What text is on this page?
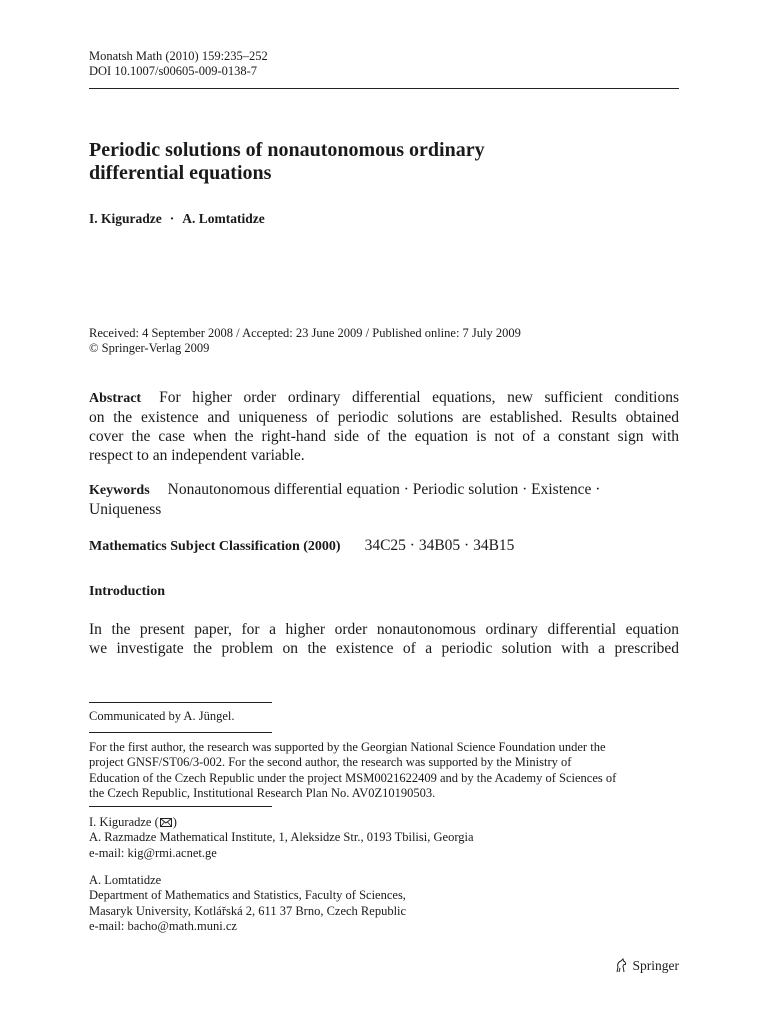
Monatsh Math (2010) 159:235–252
DOI 10.1007/s00605-009-0138-7
Periodic solutions of nonautonomous ordinary
differential equations
I. Kiguradze · A. Lomtatidze
Received: 4 September 2008 / Accepted: 23 June 2009 / Published online: 7 July 2009
© Springer-Verlag 2009
Abstract For higher order ordinary differential equations, new sufficient conditions
on the existence and uniqueness of periodic solutions are established. Results obtained
cover the case when the right-hand side of the equation is not of a constant sign with
respect to an independent variable.
Keywords Nonautonomous differential equation · Periodic solution · Existence ·
Uniqueness
Mathematics Subject Classification (2000) 34C25 · 34B05 · 34B15
Introduction
In the present paper, for a higher order nonautonomous ordinary differential equation
we investigate the problem on the existence of a periodic solution with a prescribed
Communicated by A. Jüngel.
For the first author, the research was supported by the Georgian National Science Foundation under the
project GNSF/ST06/3-002. For the second author, the research was supported by the Ministry of
Education of the Czech Republic under the project MSM0021622409 and by the Academy of Sciences of
the Czech Republic, Institutional Research Plan No. AV0Z10190503.
I. Kiguradze ( )
A. Razmadze Mathematical Institute, 1, Aleksidze Str., 0193 Tbilisi, Georgia
e-mail: kig@rmi.acnet.ge
A. Lomtatidze
Department of Mathematics and Statistics, Faculty of Sciences,
Masaryk University, Kotlářská 2, 611 37 Brno, Czech Republic
e-mail: bacho@math.muni.cz
Springer
